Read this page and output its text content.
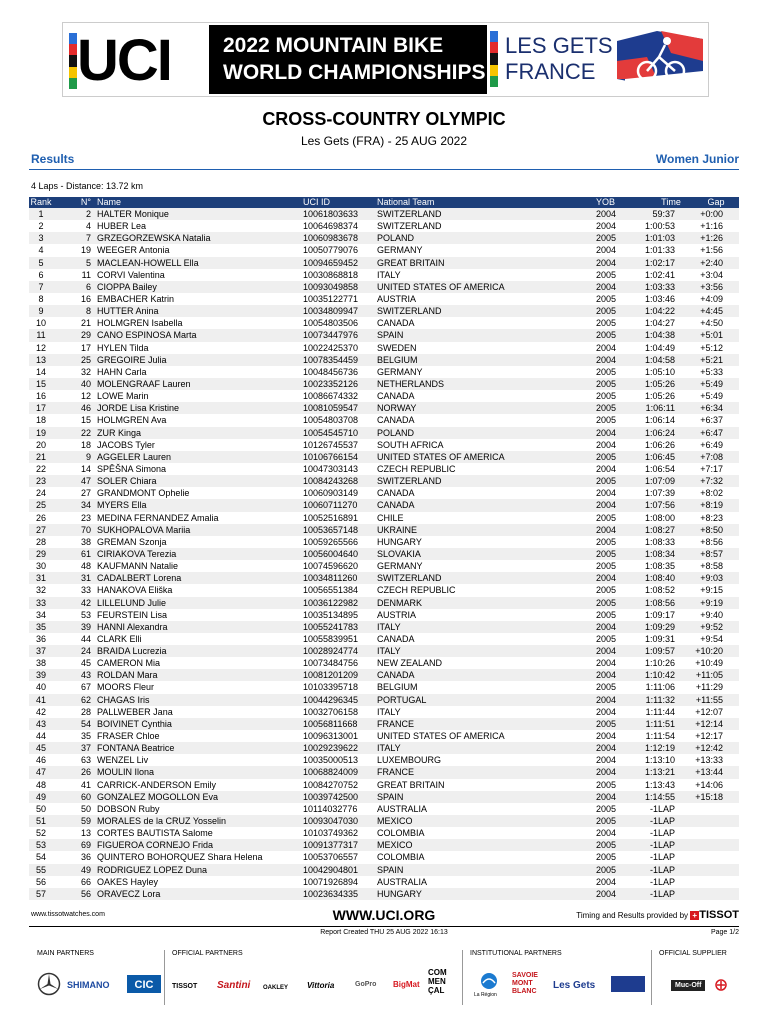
UCI 2022 MOUNTAIN BIKE
WORLD CHAMPIONSHIPS
LES GETS
FRANCE
CROSS-COUNTRY OLYMPIC
Les Gets (FRA) - 25 AUG 2022
Results	Women Junior
4 Laps - Distance: 13.72 km
Rank	N° Name	UCI ID	National Team	YOB	Time	Gap
1	2 HALTER Monique	10061803633 SWITZERLAND	2004	59:37	+0:00
2	4 HUBER Lea	10064698374 SWITZERLAND	2004	1:00:53	+1:16
3	7 GRZEGORZEWSKA Natalia	10060983678 POLAND	2005	1:01:03	+1:26
4	19 WEEGER Antonia	10050779076 GERMANY	2004	1:01:33	+1:56
5	5 MACLEAN-HOWELL Ella	10094659452 GREAT BRITAIN	2004	1:02:17	+2:40
6	11 CORVI Valentina	10030868818 ITALY	2005	1:02:41	+3:04
7	6 CIOPPA Bailey	10093049858 UNITED STATES OF AMERICA	2004	1:03:33	+3:56
8	16 EMBACHER Katrin	10035122771 AUSTRIA	2005	1:03:46	+4:09
9	8 HUTTER Anina	10034809947 SWITZERLAND	2005	1:04:22	+4:45
10	21 HOLMGREN Isabella	10054803506 CANADA	2005	1:04:27	+4:50
11	29 CANO ESPINOSA Marta	10073447976 SPAIN	2005	1:04:38	+5:01
12	17 HYLEN Tilda	10022425370 SWEDEN	2004	1:04:49	+5:12
13	25 GREGOIRE Julia	10078354459 BELGIUM	2004	1:04:58	+5:21
14	32 HAHN Carla	10048456736 GERMANY	2005	1:05:10	+5:33
15	40 MOLENGRAAF Lauren	10023352126 NETHERLANDS	2005	1:05:26	+5:49
16	12 LOWE Marin	10086674332 CANADA	2005	1:05:26	+5:49
17	46 JORDE Lisa Kristine	10081059547 NORWAY	2005	1:06:11	+6:34
18	15 HOLMGREN Ava	10054803708 CANADA	2005	1:06:14	+6:37
19	22 ZUR Kinga	10054545710 POLAND	2004	1:06:24	+6:47
20	18 JACOBS Tyler	10126745537 SOUTH AFRICA	2004	1:06:26	+6:49
21	9 AGGELER Lauren	10106766154 UNITED STATES OF AMERICA	2005	1:06:45	+7:08
22	14 SPĚŠNA Simona	10047303143 CZECH REPUBLIC	2004	1:06:54	+7:17
23	47 SOLER Chiara	10084243268 SWITZERLAND	2005	1:07:09	+7:32
24	27 GRANDMONT Ophelie	10060903149 CANADA	2004	1:07:39	+8:02
25	34 MYERS Ella	10060711270 CANADA	2004	1:07:56	+8:19
26	23 MEDINA FERNANDEZ Amalia	10052516891 CHILE	2005	1:08:00	+8:23
27	70 SUKHOPALOVA Mariia	10053657148 UKRAINE	2004	1:08:27	+8:50
28	38 GREMAN Szonja	10059265566 HUNGARY	2005	1:08:33	+8:56
29	61 CIRIAKOVA Terezia	10056004640 SLOVAKIA	2005	1:08:34	+8:57
30	48 KAUFMANN Natalie	10074596620 GERMANY	2005	1:08:35	+8:58
31	31 CADALBERT Lorena	10034811260 SWITZERLAND	2004	1:08:40	+9:03
32	33 HANAKOVA Eliška	10056551384 CZECH REPUBLIC	2005	1:08:52	+9:15
33	42 LILLELUND Julie	10036122982 DENMARK	2005	1:08:56	+9:19
34	53 FEURSTEIN Lisa	10035134895 AUSTRIA	2005	1:09:17	+9:40
35	39 HANNI Alexandra	10055241783 ITALY	2004	1:09:29	+9:52
36	44 CLARK Elli	10055839951 CANADA	2005	1:09:31	+9:54
37	24 BRAIDA Lucrezia	10028924774 ITALY	2004	1:09:57	+10:20
38	45 CAMERON Mia	10073484756 NEW ZEALAND	2004	1:10:26	+10:49
39	43 ROLDAN Mara	10081201209 CANADA	2004	1:10:42	+11:05
40	67 MOORS Fleur	10103395718 BELGIUM	2005	1:11:06	+11:29
41	62 CHAGAS Iris	10044296345 PORTUGAL	2004	1:11:32	+11:55
42	28 PALLWEBER Jana	10032706158 ITALY	2004	1:11:44	+12:07
43	54 BOIVINET Cynthia	10056811668 FRANCE	2005	1:11:51	+12:14
44	35 FRASER Chloe	10096313001 UNITED STATES OF AMERICA	2004	1:11:54	+12:17
45	37 FONTANA Beatrice	10029239622 ITALY	2004	1:12:19	+12:42
46	63 WENZEL Liv	10035000513 LUXEMBOURG	2004	1:13:10	+13:33
47	26 MOULIN Ilona	10068824009 FRANCE	2004	1:13:21	+13:44
48	41 CARRICK-ANDERSON Emily	10084270752 GREAT BRITAIN	2005	1:13:43	+14:06
49	60 GONZALEZ MOGOLLON Eva	10039742500 SPAIN	2004	1:14:55	+15:18
50	50 DOBSON Ruby	10114032776 AUSTRALIA	2005	-1LAP
51	59 MORALES de la CRUZ Yosselin	10093047030 MEXICO	2005	-1LAP
52	13 CORTES BAUTISTA Salome	10103749362 COLOMBIA	2004	-1LAP
53	69 FIGUEROA CORNEJO Frida	10091377317 MEXICO	2005	-1LAP
54	36 QUINTERO BOHORQUEZ Shara Helena	10053706557 COLOMBIA	2005	-1LAP
55	49 RODRIGUEZ LOPEZ Duna	10042904801 SPAIN	2005	-1LAP
56	66 OAKES Hayley	10071926894 AUSTRALIA	2004	-1LAP
57	56 ORAVECZ Lora	10023634335 HUNGARY	2004	-1LAP
www.tissotwatches.com	WWW.UCI.ORG	Timing and Results provided by + TISSOT
Report Created THU 25 AUG 2022 16:13	Page 1/2
MAIN PARTNERS	OFFICIAL PARTNERS	INSTITUTIONAL PARTNERS	OFFICIAL SUPPLIER
SHIMANO CIC	TISSOT Santini OAKLEY Vittoria	GoPro BigMat
COM MEN ÇAL	La Région
SAVOIE MONT BLANC
Les Gets	Muc-Off
